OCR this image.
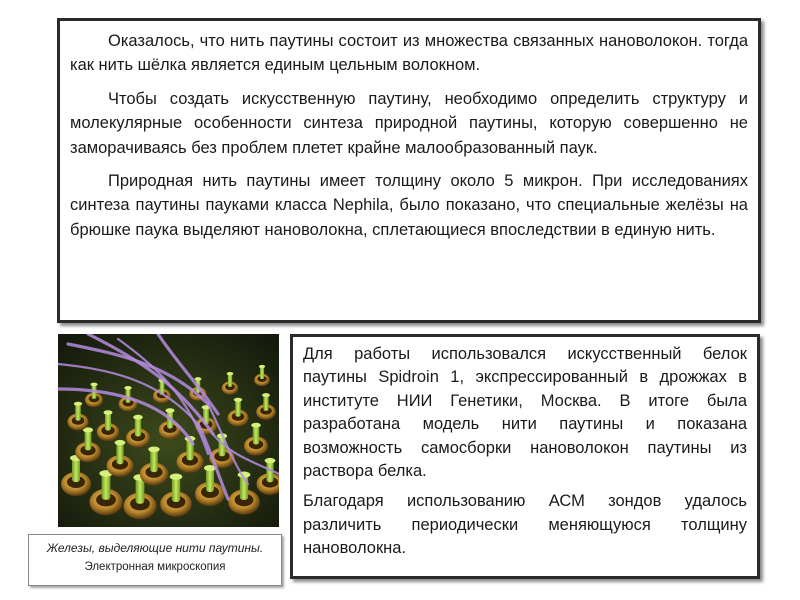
Оказалось, что нить паутины состоит из множества связанных нановолокон. тогда как нить шёлка является единым цельным волокном.

Чтобы создать искусственную паутину, необходимо определить структуру и молекулярные особенности синтеза природной паутины, которую совершенно не заморачиваясь без проблем плетет крайне малообразованный паук.

Природная нить паутины имеет толщину около 5 микрон. При исследованиях синтеза паутины пауками класса Nephila, было показано, что специальные желёзы на брюшке паука выделяют нановолокна, сплетающиеся впоследствии в единую нить.

Железы, выделяющие нити паутины.
Электронная микроскопия

Для работы использовался искусственный белок паутины Spidroin 1, экспрессированный в дрожжах в институте НИИ Генетики, Москва. В итоге была разработана модель нити паутины и показана возможность самосборки нановолокон паутины из раствора белка.

Благодаря использованию АСМ зондов удалось различить периодически меняющуюся толщину нановолокна.
